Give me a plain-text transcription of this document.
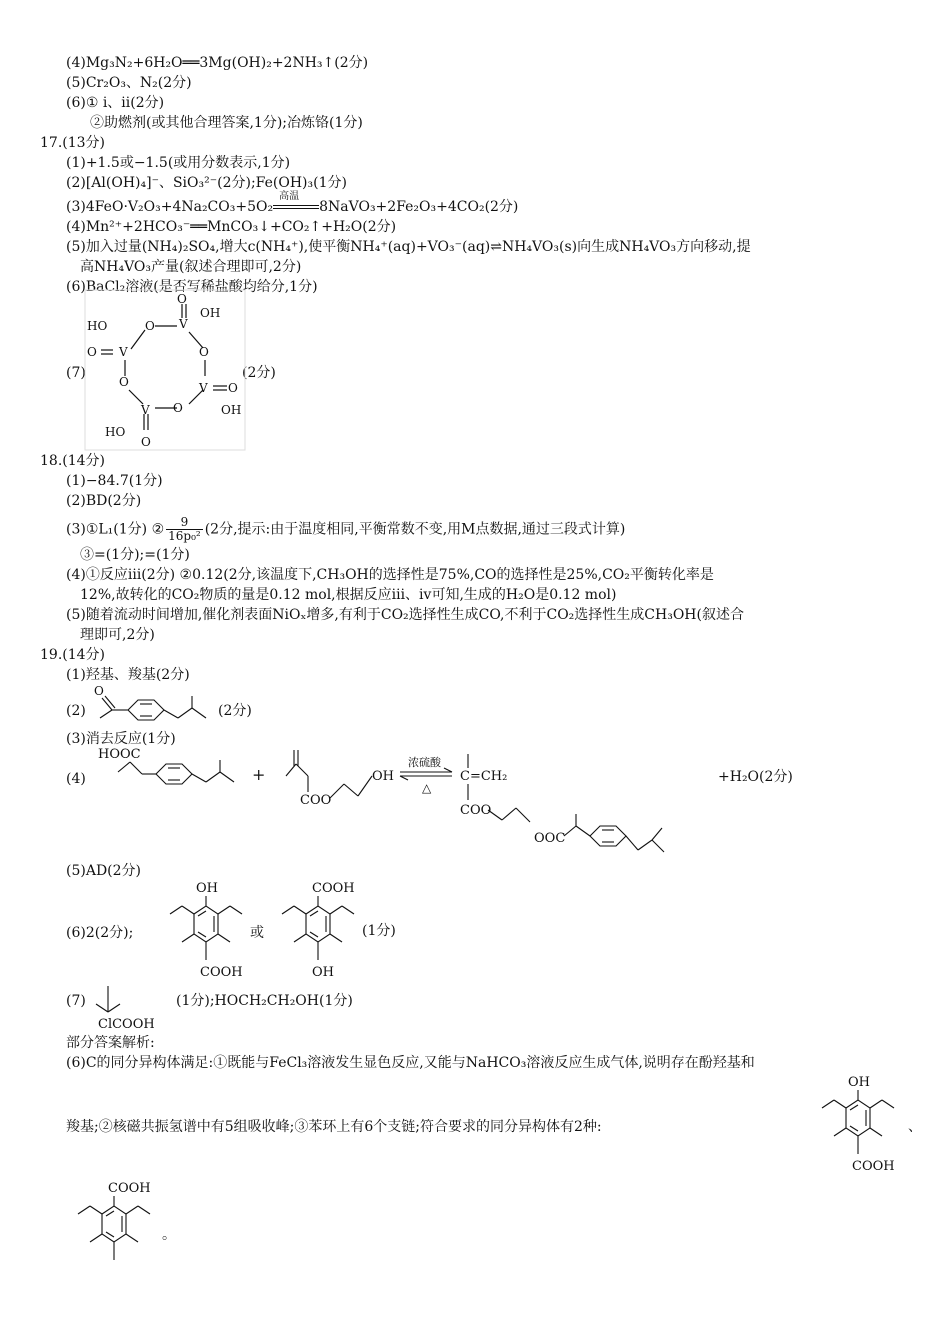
(4)Mg₃N₂+6H₂O══3Mg(OH)₂+2NH₃↑(2分)
(5)Cr₂O₃、N₂(2分)
(6)① ⅰ、ⅱ(2分)
②助燃剂(或其他合理答案,1分);冶炼铬(1分)
17.(13分)
(1)+1.5或−1.5(或用分数表示,1分)
(2)[Al(OH)₄]⁻、SiO₃²⁻(2分);Fe(OH)₃(1分)
(3)4FeO·V₂O₃+4Na₂CO₃+5O₂
高温
8NaVO₃+2Fe₂O₃+4CO₂(2分)
(4)Mn²⁺+2HCO₃⁻══MnCO₃↓+CO₂↑+H₂O(2分)
(5)加入过量(NH₄)₂SO₄,增大c(NH₄⁺),使平衡NH₄⁺(aq)+VO₃⁻(aq)⇌NH₄VO₃(s)向生成NH₄VO₃方向移动,提
高NH₄VO₃产量(叙述合理即可,2分)
(6)BaCl₂溶液(是否写稀盐酸均给分,1分)
(7)	(2分)
O
V
OH
O
HO
O V	O
O	V O
OH
O
V
HO
O
18.(14分)
(1)−84.7(1分)
(2)BD(2分)
(3)①L₁(1分) ② $\frac{9}{\text{16p₀²}} (2$分,提示:由于温度相同,平衡常数不变,用M点数据,通过三段式计算)
③=(1分);=(1分)
(4)①反应ⅲ(2分) ②0.12(2分,该温度下,CH₃OH的选择性是75%,CO的选择性是25%,CO₂平衡转化率是
12%,故转化的CO₂物质的量是0.12 mol,根据反应ⅲ、ⅳ可知,生成的H₂O是0.12 mol)
(5)随着流动时间增加,催化剂表面NiOₓ增多,有利于CO₂选择性生成CO,不利于CO₂选择性生成CH₃OH(叙述合
理即可,2分)
19.(14分)
(1)羟基、羧基(2分)
(2)	(2分)
O
(3)消去反应(1分)
(4)
HOOC
+
COO
OH	C=CH₂
COO
OOC
浓硫酸
△
+H₂O(2分)
(5)AD(2分)
(6)2(2分);	或	(1分)
OH
COOH
COOH
OH
(7)
ClCOOH
(1分);HOCH₂CH₂OH(1分)
部分答案解析:
(6)C的同分异构体满足:①既能与FeCl₃溶液发生显色反应,又能与NaHCO₃溶液反应生成气体,说明存在酚羟基和
羧基;②核磁共振氢谱中有5组吸收峰;③苯环上有6个支链;符合要求的同分异构体有2种:
OH
COOH
、
COOH
。
